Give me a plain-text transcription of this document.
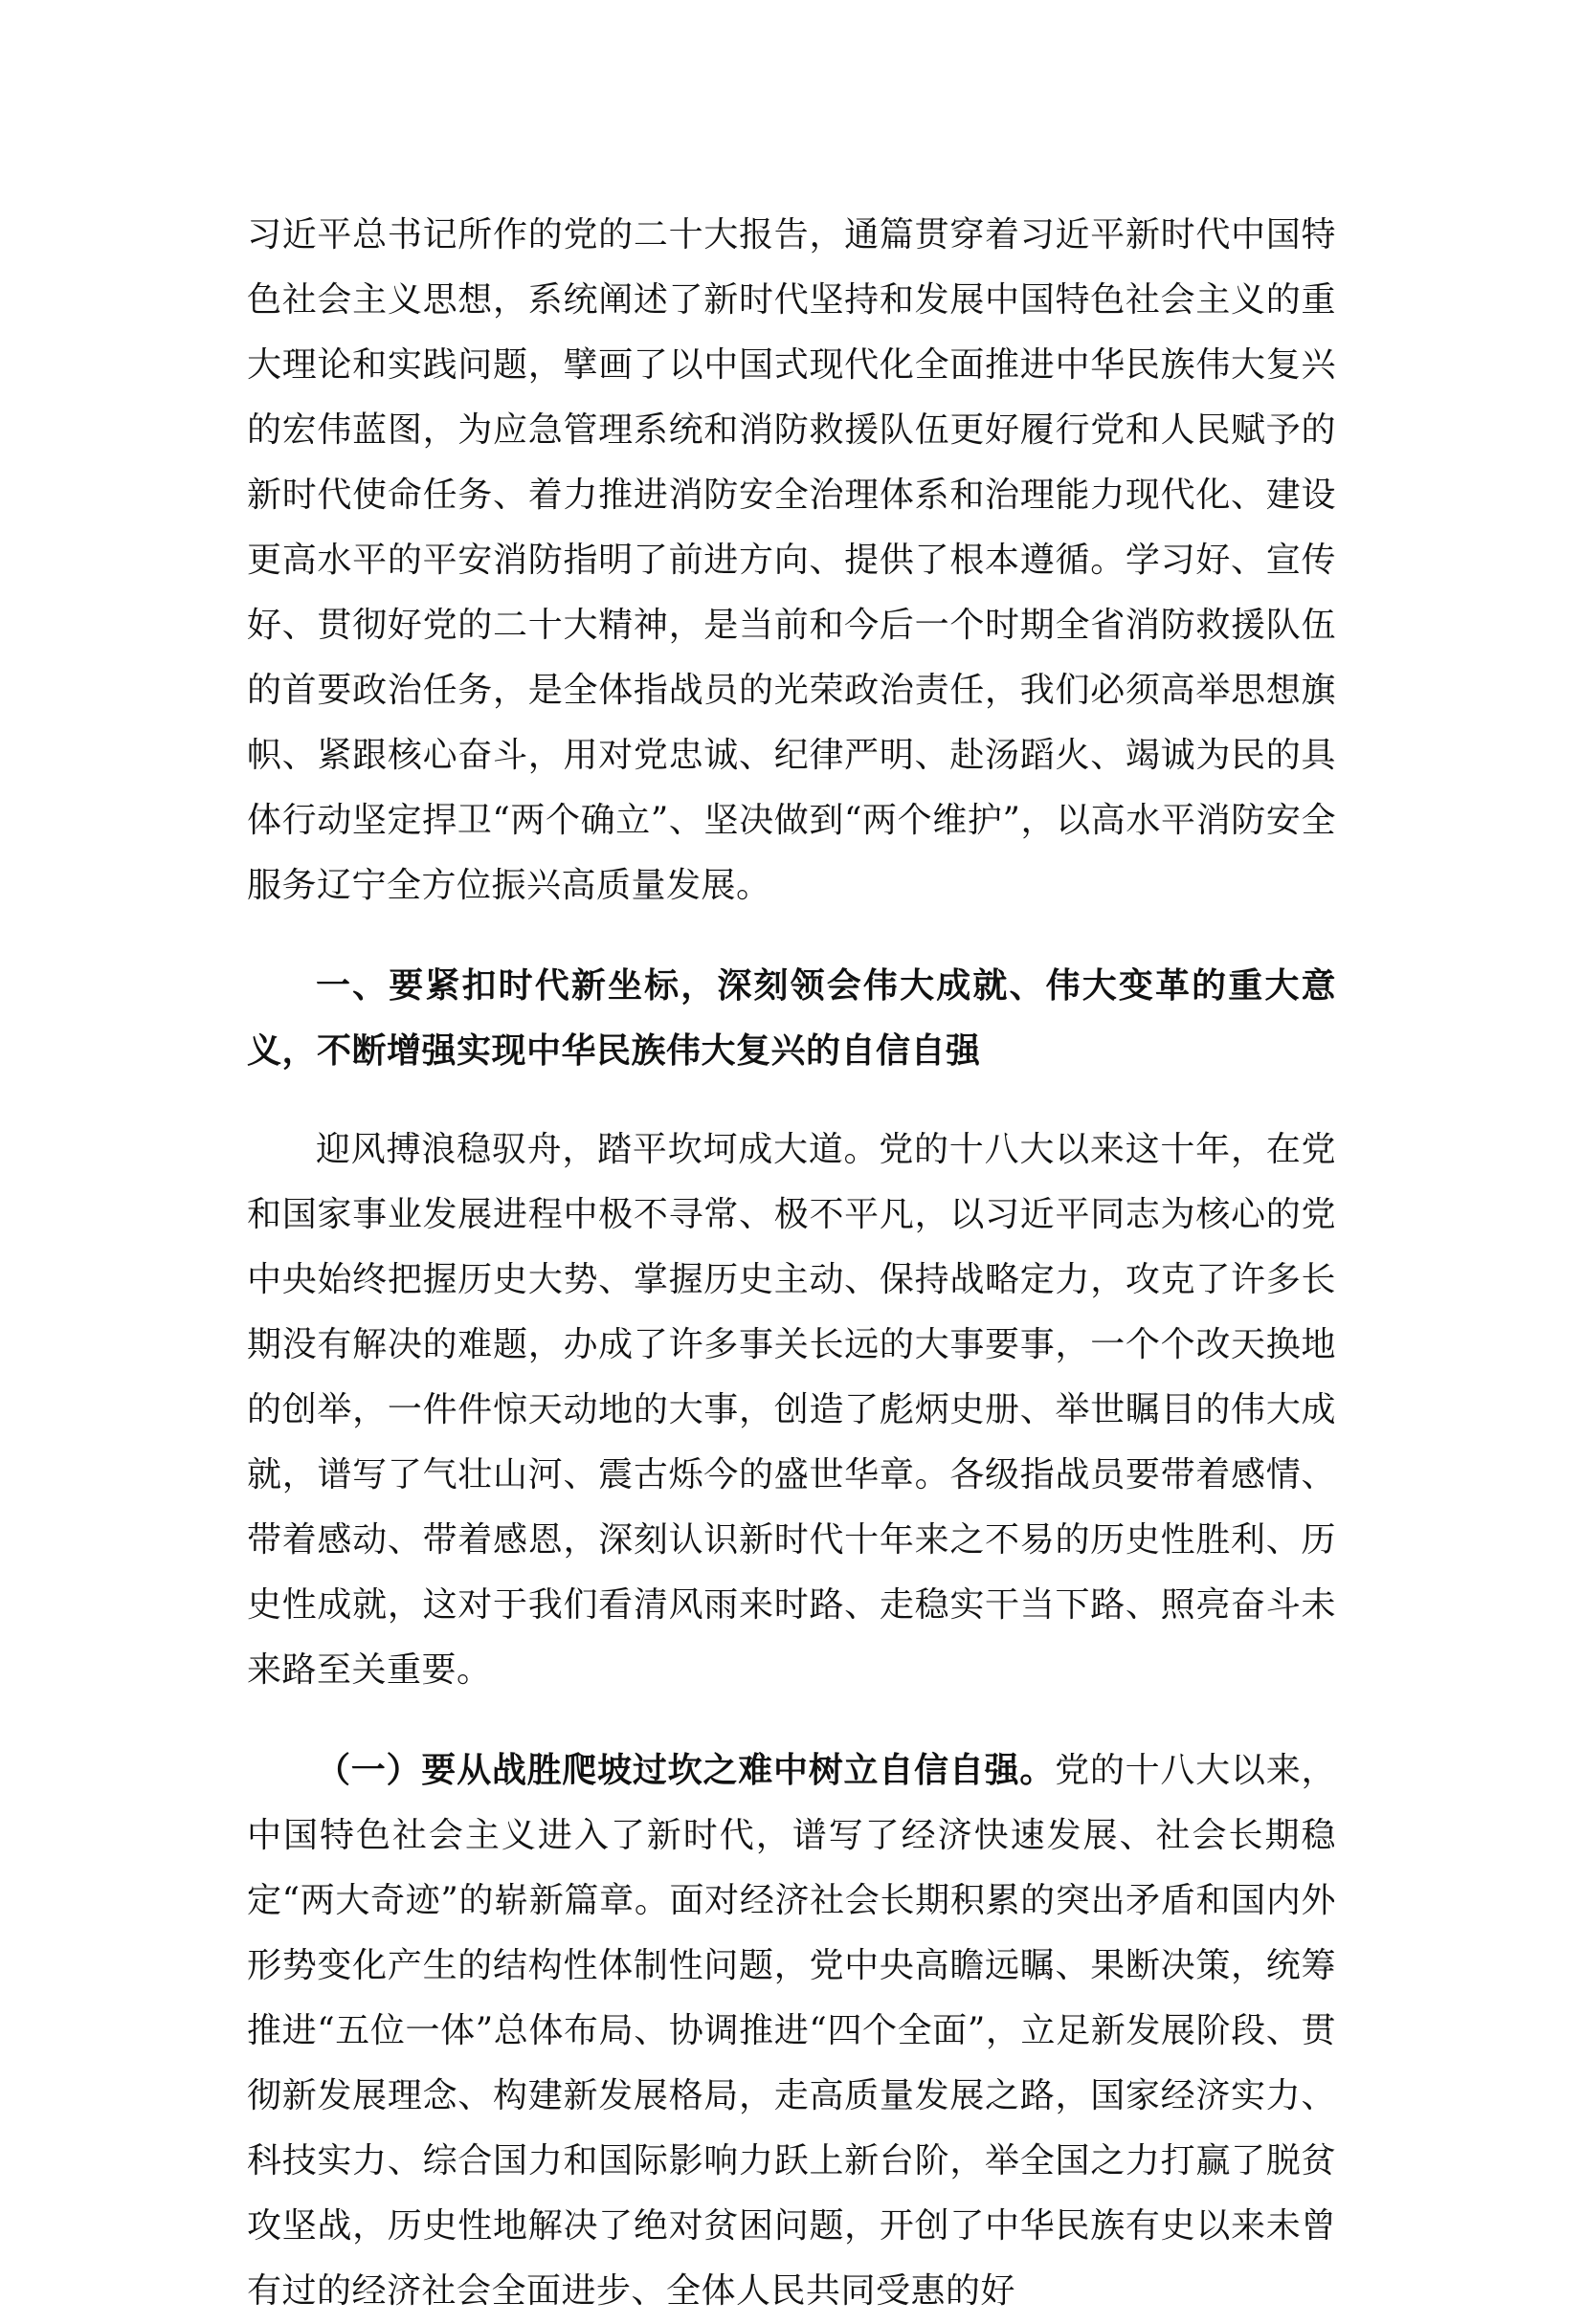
习近平总书记所作的党的二十大报告，通篇贯穿着习近平新时代中国特色社会主义思想，系统阐述了新时代坚持和发展中国特色社会主义的重大理论和实践问题，擘画了以中国式现代化全面推进中华民族伟大复兴的宏伟蓝图，为应急管理系统和消防救援队伍更好履行党和人民赋予的新时代使命任务、着力推进消防安全治理体系和治理能力现代化、建设更高水平的平安消防指明了前进方向、提供了根本遵循。学习好、宣传好、贯彻好党的二十大精神，是当前和今后一个时期全省消防救援队伍的首要政治任务，是全体指战员的光荣政治责任，我们必须高举思想旗帜、紧跟核心奋斗，用对党忠诚、纪律严明、赴汤蹈火、竭诚为民的具体行动坚定捍卫“两个确立”、坚决做到“两个维护”，以高水平消防安全服务辽宁全方位振兴高质量发展。

一、要紧扣时代新坐标，深刻领会伟大成就、伟大变革的重大意义，不断增强实现中华民族伟大复兴的自信自强

迎风搏浪稳驭舟，踏平坎坷成大道。党的十八大以来这十年，在党和国家事业发展进程中极不寻常、极不平凡，以习近平同志为核心的党中央始终把握历史大势、掌握历史主动、保持战略定力，攻克了许多长期没有解决的难题，办成了许多事关长远的大事要事，一个个改天换地的创举，一件件惊天动地的大事，创造了彪炳史册、举世瞩目的伟大成就，谱写了气壮山河、震古烁今的盛世华章。各级指战员要带着感情、带着感动、带着感恩，深刻认识新时代十年来之不易的历史性胜利、历史性成就，这对于我们看清风雨来时路、走稳实干当下路、照亮奋斗未来路至关重要。

（一）要从战胜爬坡过坎之难中树立自信自强。党的十八大以来，中国特色社会主义进入了新时代，谱写了经济快速发展、社会长期稳定“两大奇迹”的崭新篇章。面对经济社会长期积累的突出矛盾和国内外形势变化产生的结构性体制性问题，党中央高瞻远瞩、果断决策，统筹推进“五位一体”总体布局、协调推进“四个全面”，立足新发展阶段、贯彻新发展理念、构建新发展格局，走高质量发展之路，国家经济实力、科技实力、综合国力和国际影响力跃上新台阶，举全国之力打赢了脱贫攻坚战，历史性地解决了绝对贫困问题，开创了中华民族有史以来未曾有过的经济社会全面进步、全体人民共同受惠的好
